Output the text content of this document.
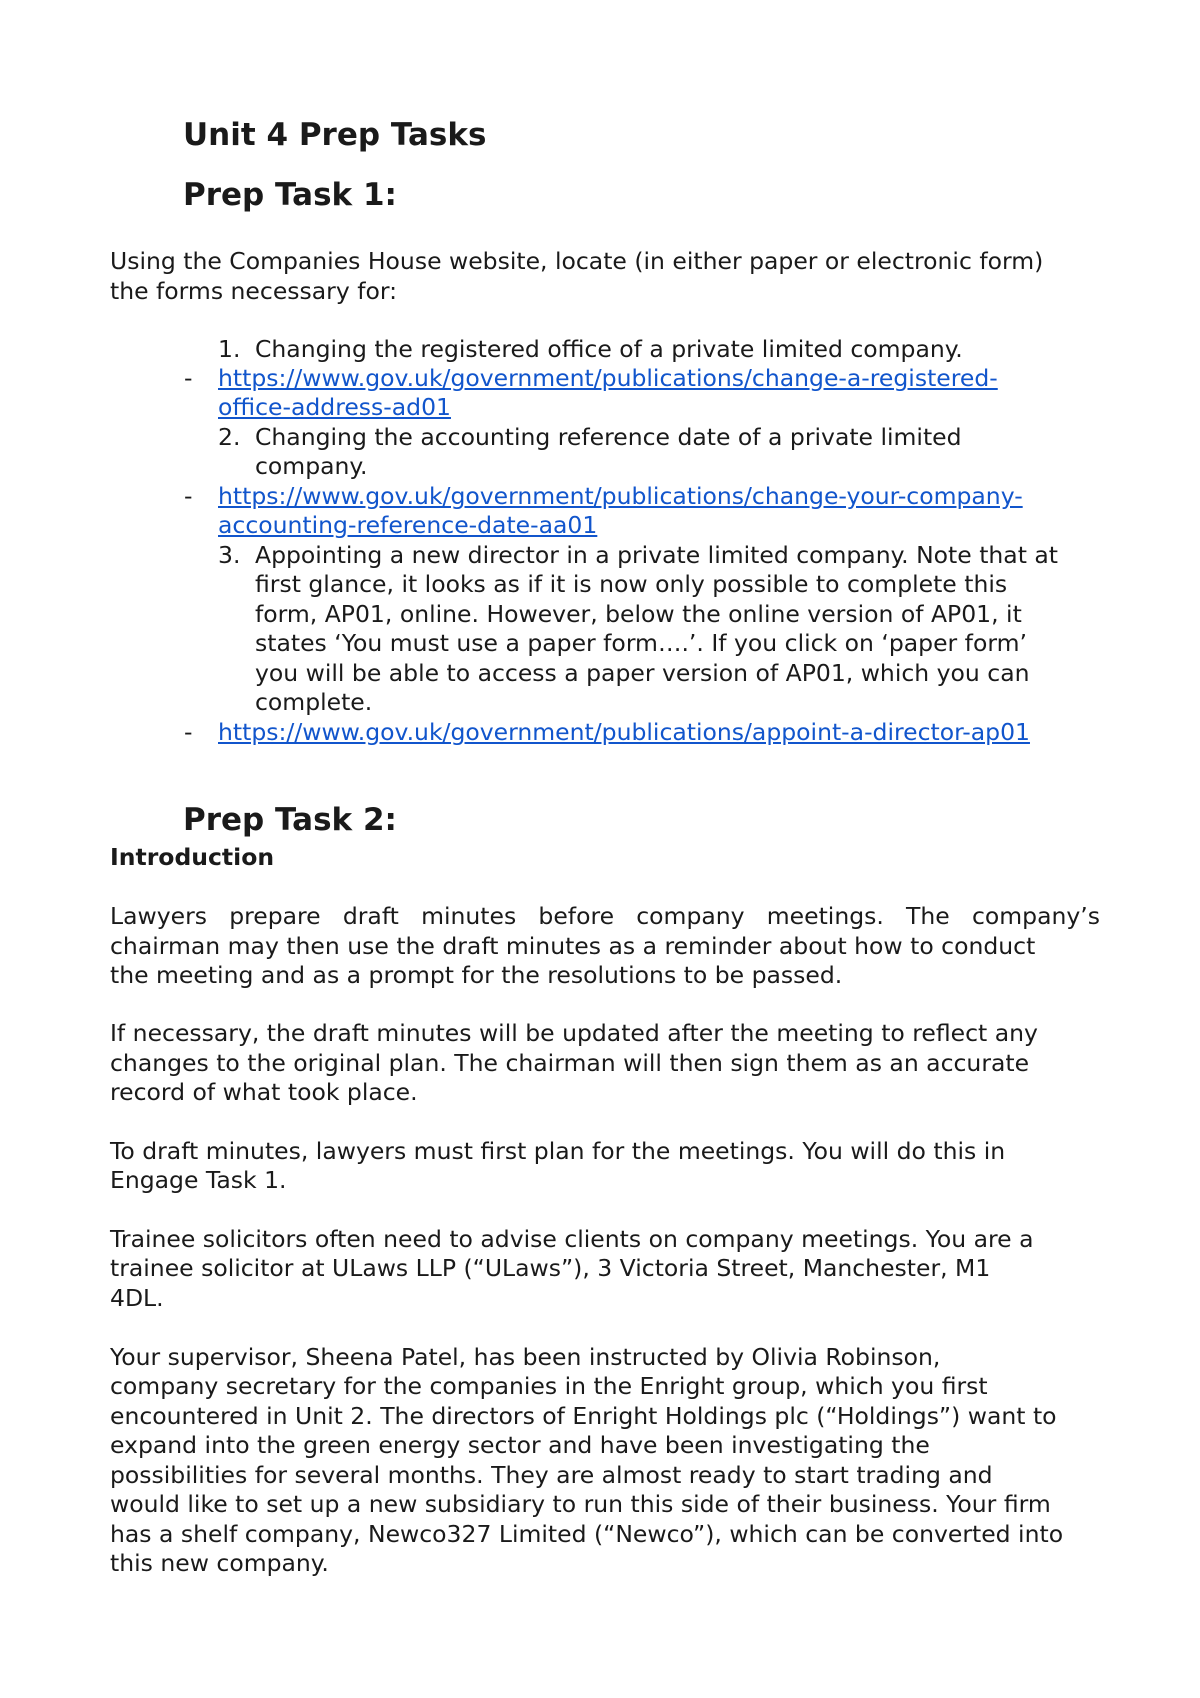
Unit 4 Prep Tasks
Prep Task 1:
Using the Companies House website, locate (in either paper or electronic form)
the forms necessary for:
1. Changing the registered office of a private limited company.
- https://www.gov.uk/government/publications/change-a-registered-
office-address-ad01
2. Changing the accounting reference date of a private limited
company.
- https://www.gov.uk/government/publications/change-your-company-
accounting-reference-date-aa01
3. Appointing a new director in a private limited company. Note that at
first glance, it looks as if it is now only possible to complete this
form, AP01, online. However, below the online version of AP01, it
states ‘You must use a paper form….’. If you click on ‘paper form’
you will be able to access a paper version of AP01, which you can
complete.
- https://www.gov.uk/government/publications/appoint-a-director-ap01
Prep Task 2:
Introduction
Lawyers prepare draft minutes before company meetings. The company’s
chairman may then use the draft minutes as a reminder about how to conduct
the meeting and as a prompt for the resolutions to be passed.
If necessary, the draft minutes will be updated after the meeting to reflect any
changes to the original plan. The chairman will then sign them as an accurate
record of what took place.
To draft minutes, lawyers must first plan for the meetings. You will do this in
Engage Task 1.
Trainee solicitors often need to advise clients on company meetings. You are a
trainee solicitor at ULaws LLP (“ULaws”), 3 Victoria Street, Manchester, M1
4DL.
Your supervisor, Sheena Patel, has been instructed by Olivia Robinson,
company secretary for the companies in the Enright group, which you first
encountered in Unit 2. The directors of Enright Holdings plc (“Holdings”) want to
expand into the green energy sector and have been investigating the
possibilities for several months. They are almost ready to start trading and
would like to set up a new subsidiary to run this side of their business. Your firm
has a shelf company, Newco327 Limited (“Newco”), which can be converted into
this new company.
